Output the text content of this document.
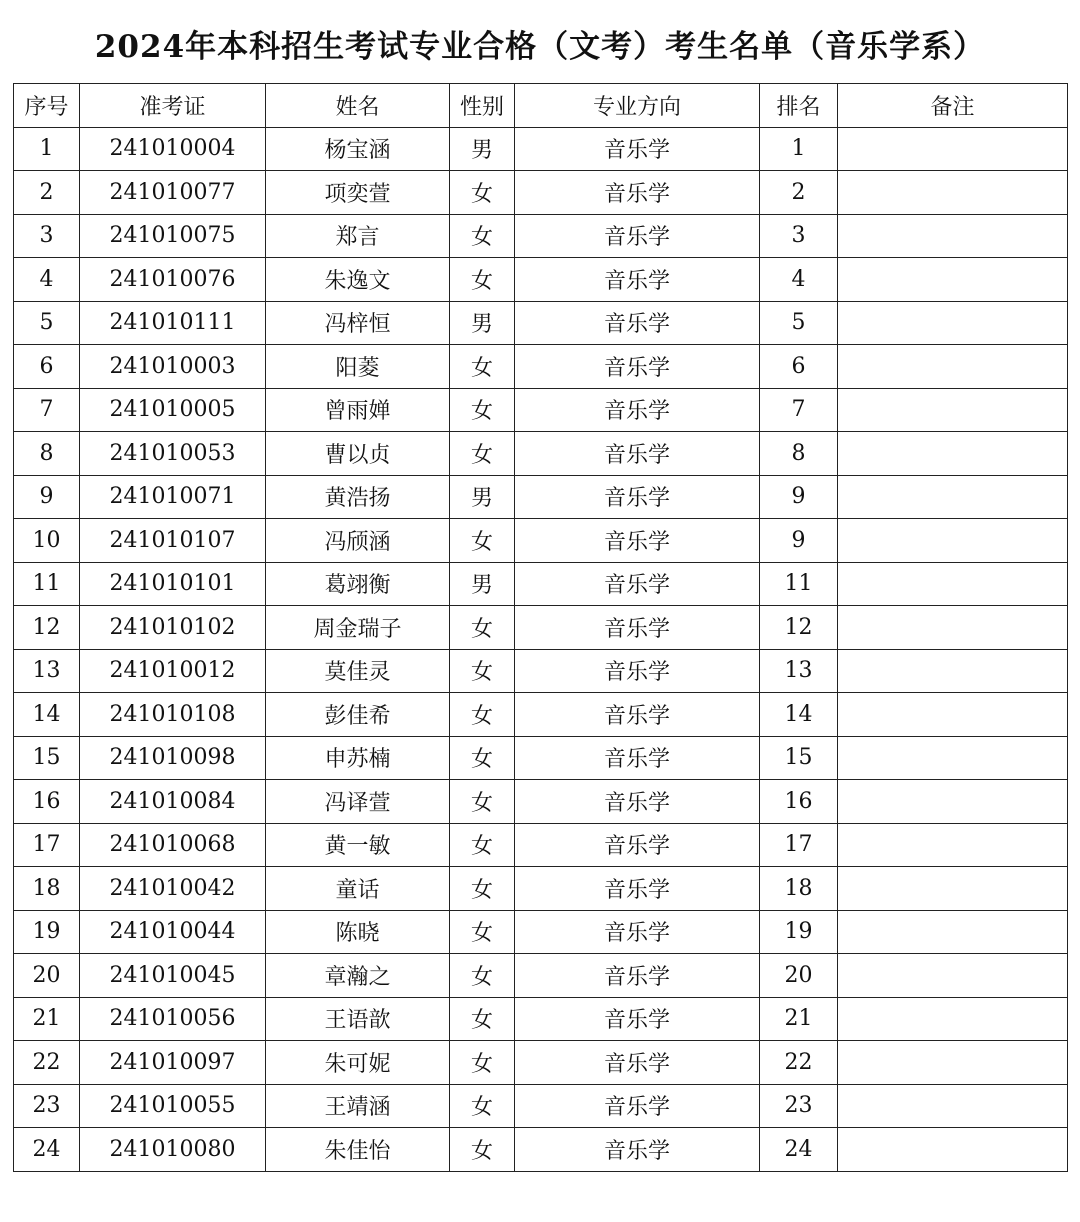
2024年本科招生考试专业合格（文考）考生名单（音乐学系）
序号	准考证	姓名	性别	专业方向	排名	备注
1	241010004	杨宝涵	男	音乐学	1	
2	241010077	项奕萱	女	音乐学	2	
3	241010075	郑言	女	音乐学	3	
4	241010076	朱逸文	女	音乐学	4	
5	241010111	冯梓恒	男	音乐学	5	
6	241010003	阳菱	女	音乐学	6	
7	241010005	曾雨婵	女	音乐学	7	
8	241010053	曹以贞	女	音乐学	8	
9	241010071	黄浩扬	男	音乐学	9	
10	241010107	冯颀涵	女	音乐学	9	
11	241010101	葛翊衡	男	音乐学	11	
12	241010102	周金瑞子	女	音乐学	12	
13	241010012	莫佳灵	女	音乐学	13	
14	241010108	彭佳希	女	音乐学	14	
15	241010098	申苏楠	女	音乐学	15	
16	241010084	冯译萱	女	音乐学	16	
17	241010068	黄一敏	女	音乐学	17	
18	241010042	童话	女	音乐学	18	
19	241010044	陈晓	女	音乐学	19	
20	241010045	章瀚之	女	音乐学	20	
21	241010056	王语歆	女	音乐学	21	
22	241010097	朱可妮	女	音乐学	22	
23	241010055	王靖涵	女	音乐学	23	
24	241010080	朱佳怡	女	音乐学	24	
